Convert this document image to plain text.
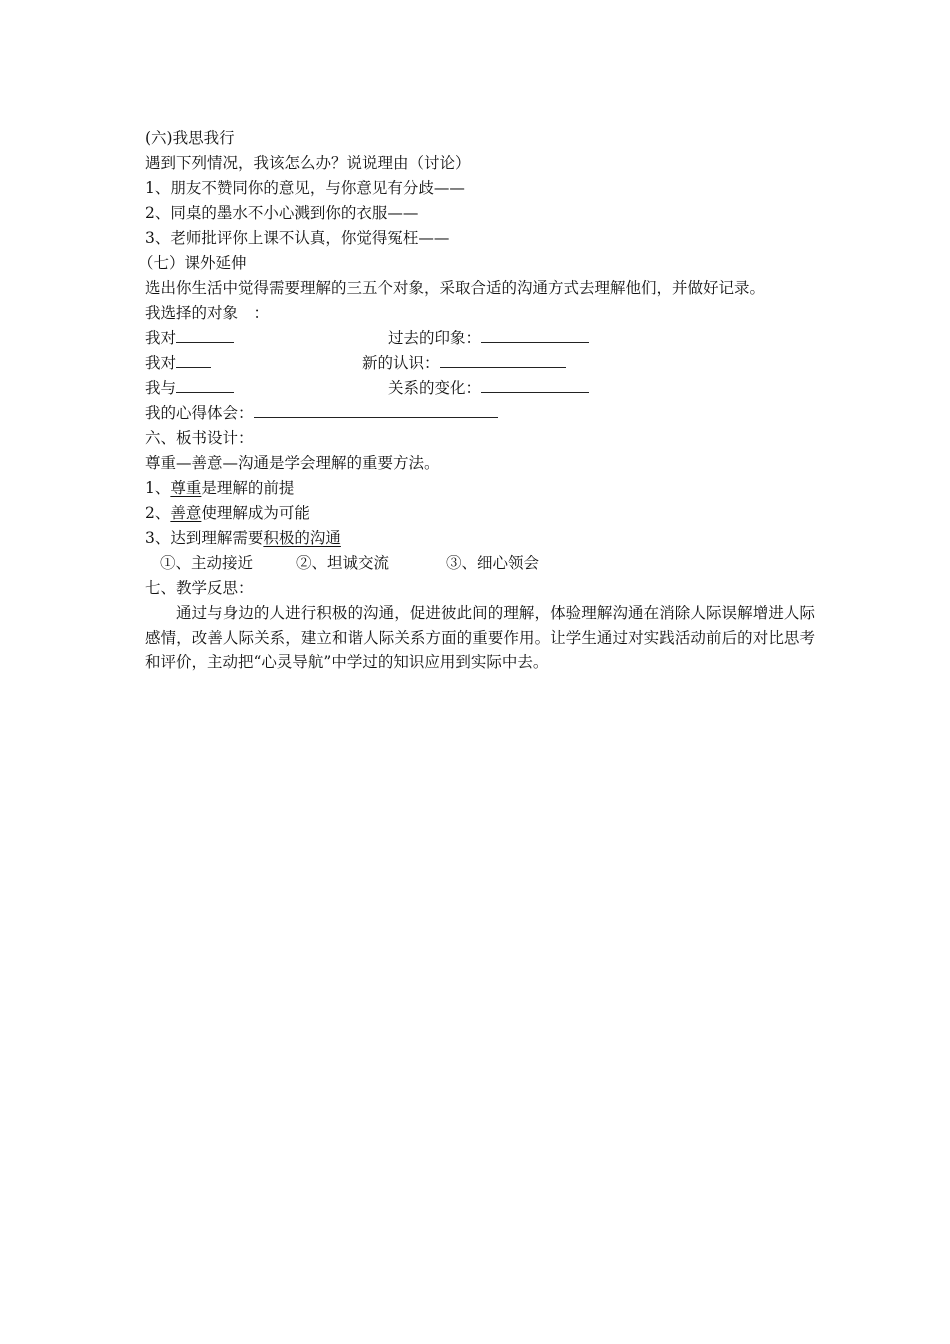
(六)我思我行
遇到下列情况，我该怎么办？说说理由（讨论）
1、朋友不赞同你的意见，与你意见有分歧——
2、同桌的墨水不小心溅到你的衣服——
3、老师批评你上课不认真，你觉得冤枉——
（七）课外延伸
选出你生活中觉得需要理解的三五个对象，采取合适的沟通方式去理解他们，并做好记录。
我选择的对象　：
我对	过去的印象：
我对	新的认识：
我与	关系的变化：
我的心得体会：
六、板书设计：
尊重—善意—沟通是学会理解的重要方法。
1、尊重是理解的前提
2、善意使理解成为可能
3、达到理解需要积极的沟通
①、主动接近	②、坦诚交流	③、细心领会
七、教学反思：
通过与身边的人进行积极的沟通，促进彼此间的理解，体验理解沟通在消除人际误解增进人际感情，改善人际关系，建立和谐人际关系方面的重要作用。让学生通过对实践活动前后的对比思考和评价，主动把“心灵导航”中学过的知识应用到实际中去。
